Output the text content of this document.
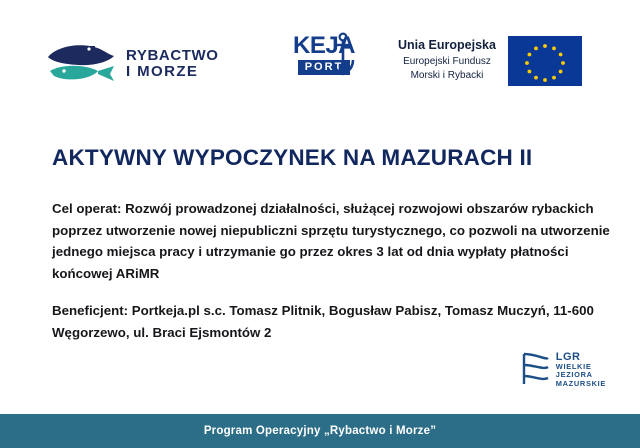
RYBACTWO
I MORZE
KEJA
PORT
Unia Europejska
Europejski Fundusz
Morski i Rybacki
AKTYWNY WYPOCZYNEK NA MAZURACH II

Cel operat: Rozwój prowadzonej działalności, służącej rozwojowi obszarów rybackich poprzez utworzenie nowej niepubliczni sprzętu turystycznego, co pozwoli na utworzenie jednego miejsca pracy i utrzymanie go przez okres 3 lat od dnia wypłaty płatności końcowej ARiMR

Beneficjent: Portkeja.pl s.c. Tomasz Plitnik, Bogusław Pabisz, Tomasz Muczyń, 11-600 Węgorzewo, ul. Braci Ejsmontów 2

LGR
WIELKIE
JEZIORA
MAZURSKIE
Program Operacyjny „Rybactwo i Morze”
